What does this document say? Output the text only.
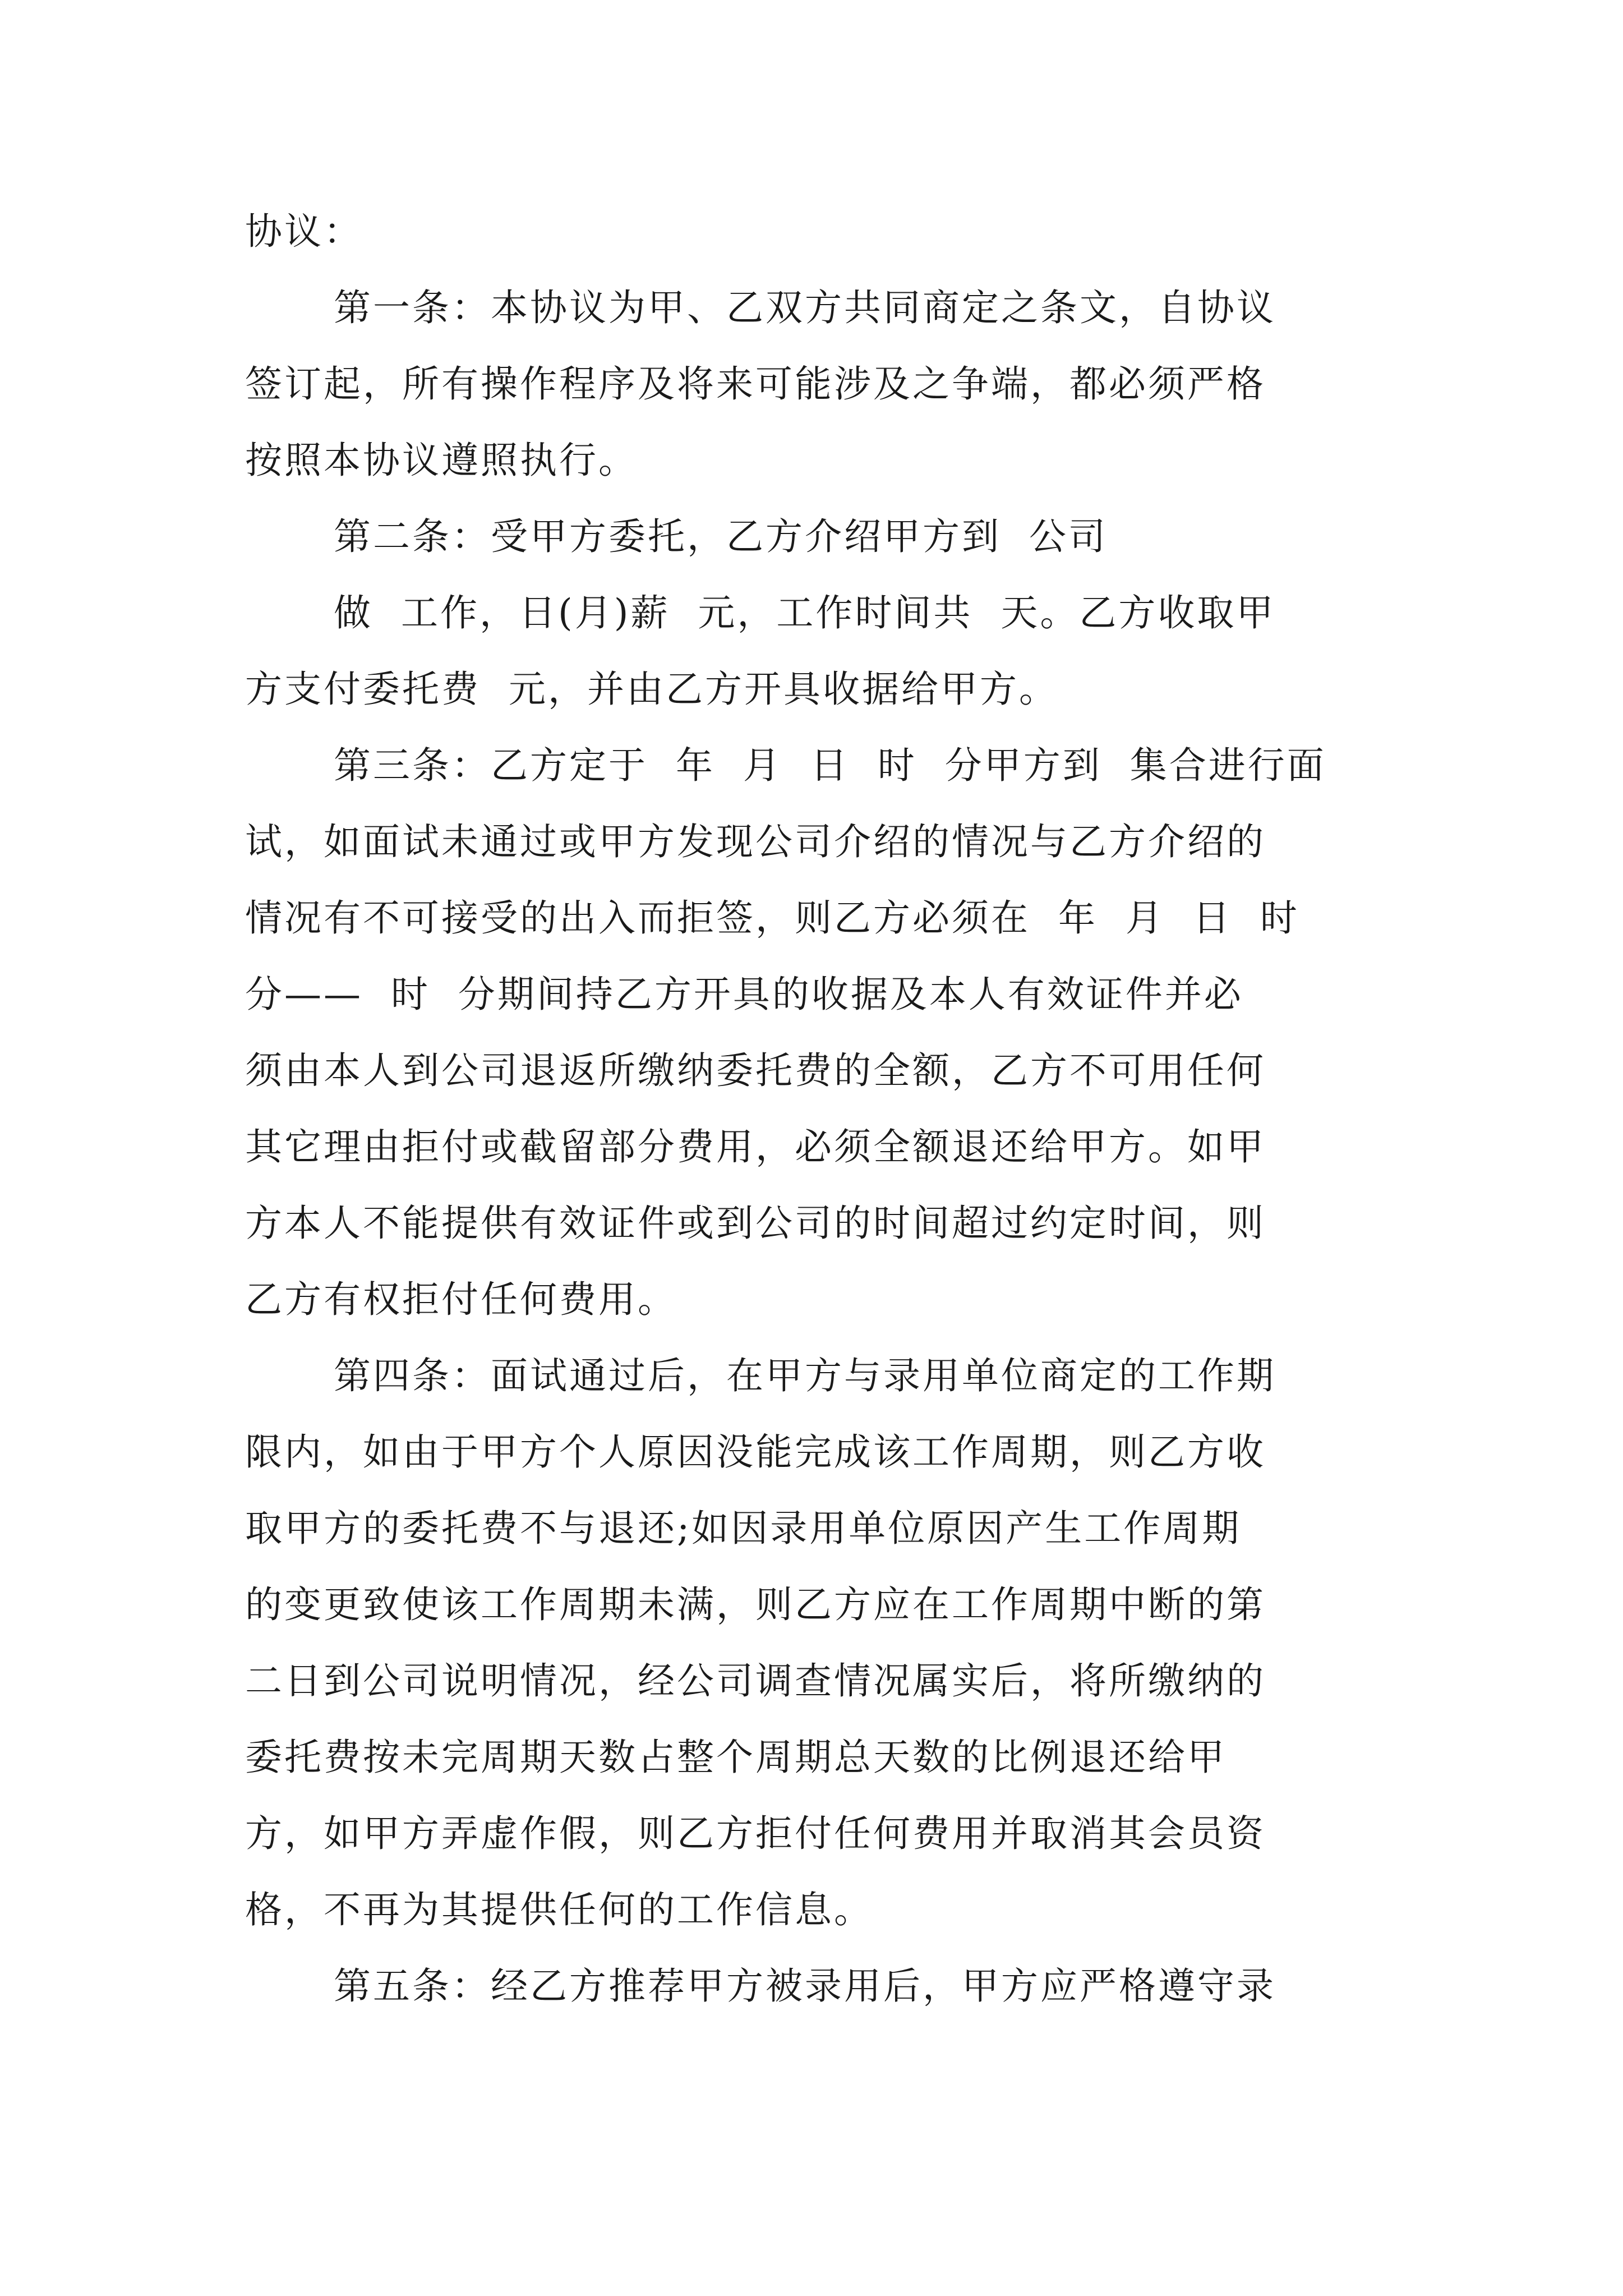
协议：
第一条：本协议为甲、乙双方共同商定之条文，自协议
签订起，所有操作程序及将来可能涉及之争端，都必须严格
按照本协议遵照执行。
第二条：受甲方委托，乙方介绍甲方到  公司
做  工作，日(月)薪  元，工作时间共  天。乙方收取甲
方支付委托费  元，并由乙方开具收据给甲方。
第三条：乙方定于  年  月  日  时  分甲方到  集合进行面
试，如面试未通过或甲方发现公司介绍的情况与乙方介绍的
情况有不可接受的出入而拒签，则乙方必须在  年  月  日  时
分——  时  分期间持乙方开具的收据及本人有效证件并必
须由本人到公司退返所缴纳委托费的全额，乙方不可用任何
其它理由拒付或截留部分费用，必须全额退还给甲方。如甲
方本人不能提供有效证件或到公司的时间超过约定时间，则
乙方有权拒付任何费用。
第四条：面试通过后，在甲方与录用单位商定的工作期
限内，如由于甲方个人原因没能完成该工作周期，则乙方收
取甲方的委托费不与退还;如因录用单位原因产生工作周期
的变更致使该工作周期未满，则乙方应在工作周期中断的第
二日到公司说明情况，经公司调查情况属实后，将所缴纳的
委托费按未完周期天数占整个周期总天数的比例退还给甲
方，如甲方弄虚作假，则乙方拒付任何费用并取消其会员资
格，不再为其提供任何的工作信息。
第五条：经乙方推荐甲方被录用后，甲方应严格遵守录
